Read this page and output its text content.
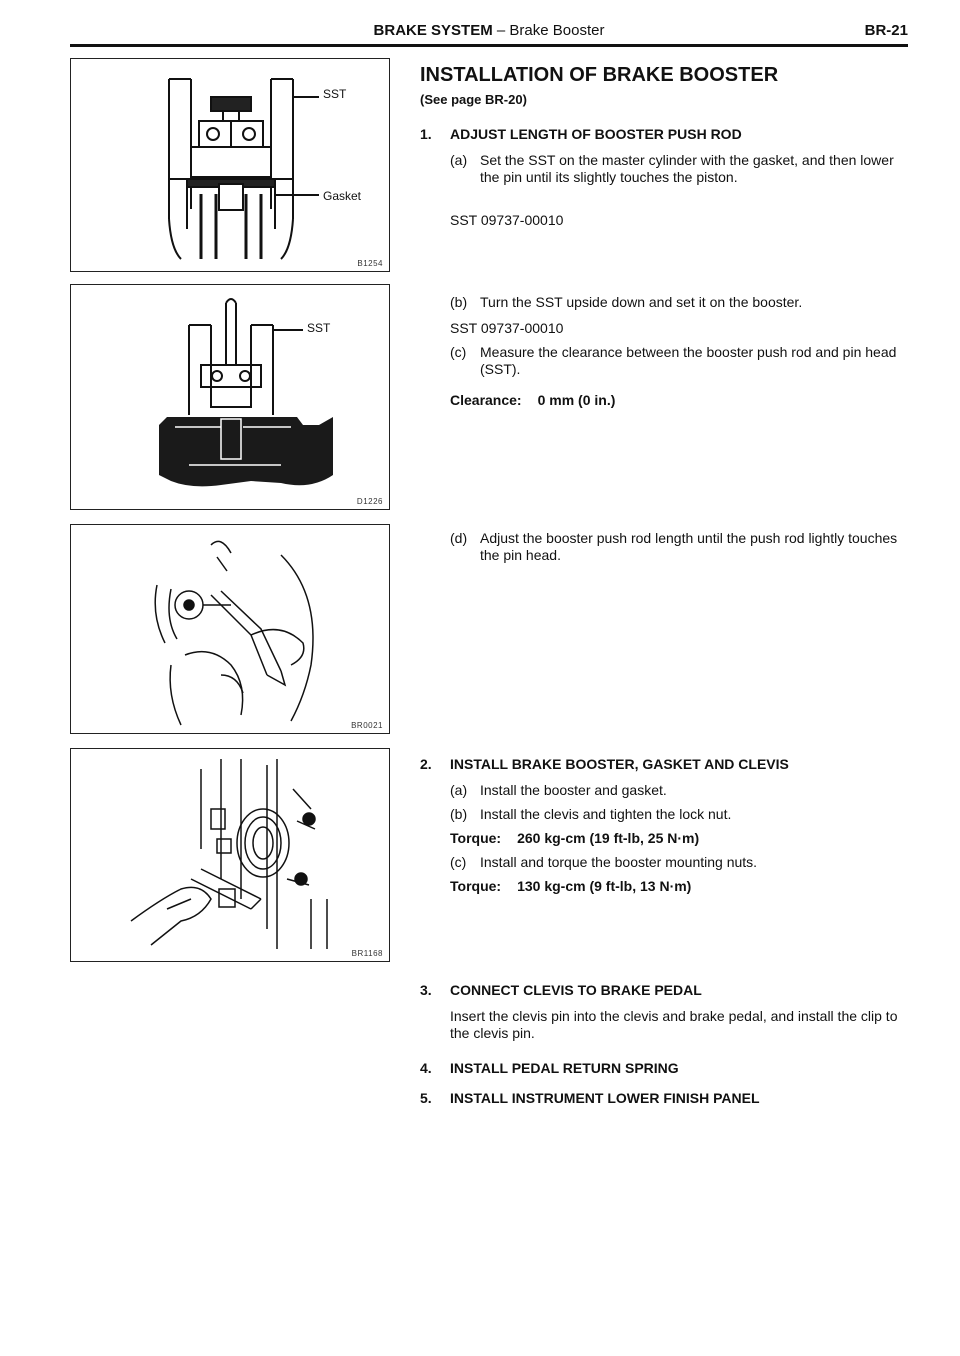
BRAKE SYSTEM – Brake Booster	BR-21
SST
Gasket
B1254
SST
D1226
BR0021
BR1168
INSTALLATION OF BRAKE BOOSTER
(See page BR-20)
1. ADJUST LENGTH OF BOOSTER PUSH ROD
(a) Set the SST on the master cylinder with the gasket, and then lower the pin until its slightly touches the piston.
SST 09737-00010
(b) Turn the SST upside down and set it on the booster.
SST 09737-00010
(c) Measure the clearance between the booster push rod and pin head (SST).
Clearance: 0 mm (0 in.)
(d) Adjust the booster push rod length until the push rod lightly touches the pin head.
2. INSTALL BRAKE BOOSTER, GASKET AND CLEVIS
(a) Install the booster and gasket.
(b) Install the clevis and tighten the lock nut.
Torque: 260 kg-cm (19 ft-lb, 25 N·m)
(c) Install and torque the booster mounting nuts.
Torque: 130 kg-cm (9 ft-lb, 13 N·m)
3. CONNECT CLEVIS TO BRAKE PEDAL
Insert the clevis pin into the clevis and brake pedal, and install the clip to the clevis pin.
4. INSTALL PEDAL RETURN SPRING
5. INSTALL INSTRUMENT LOWER FINISH PANEL
